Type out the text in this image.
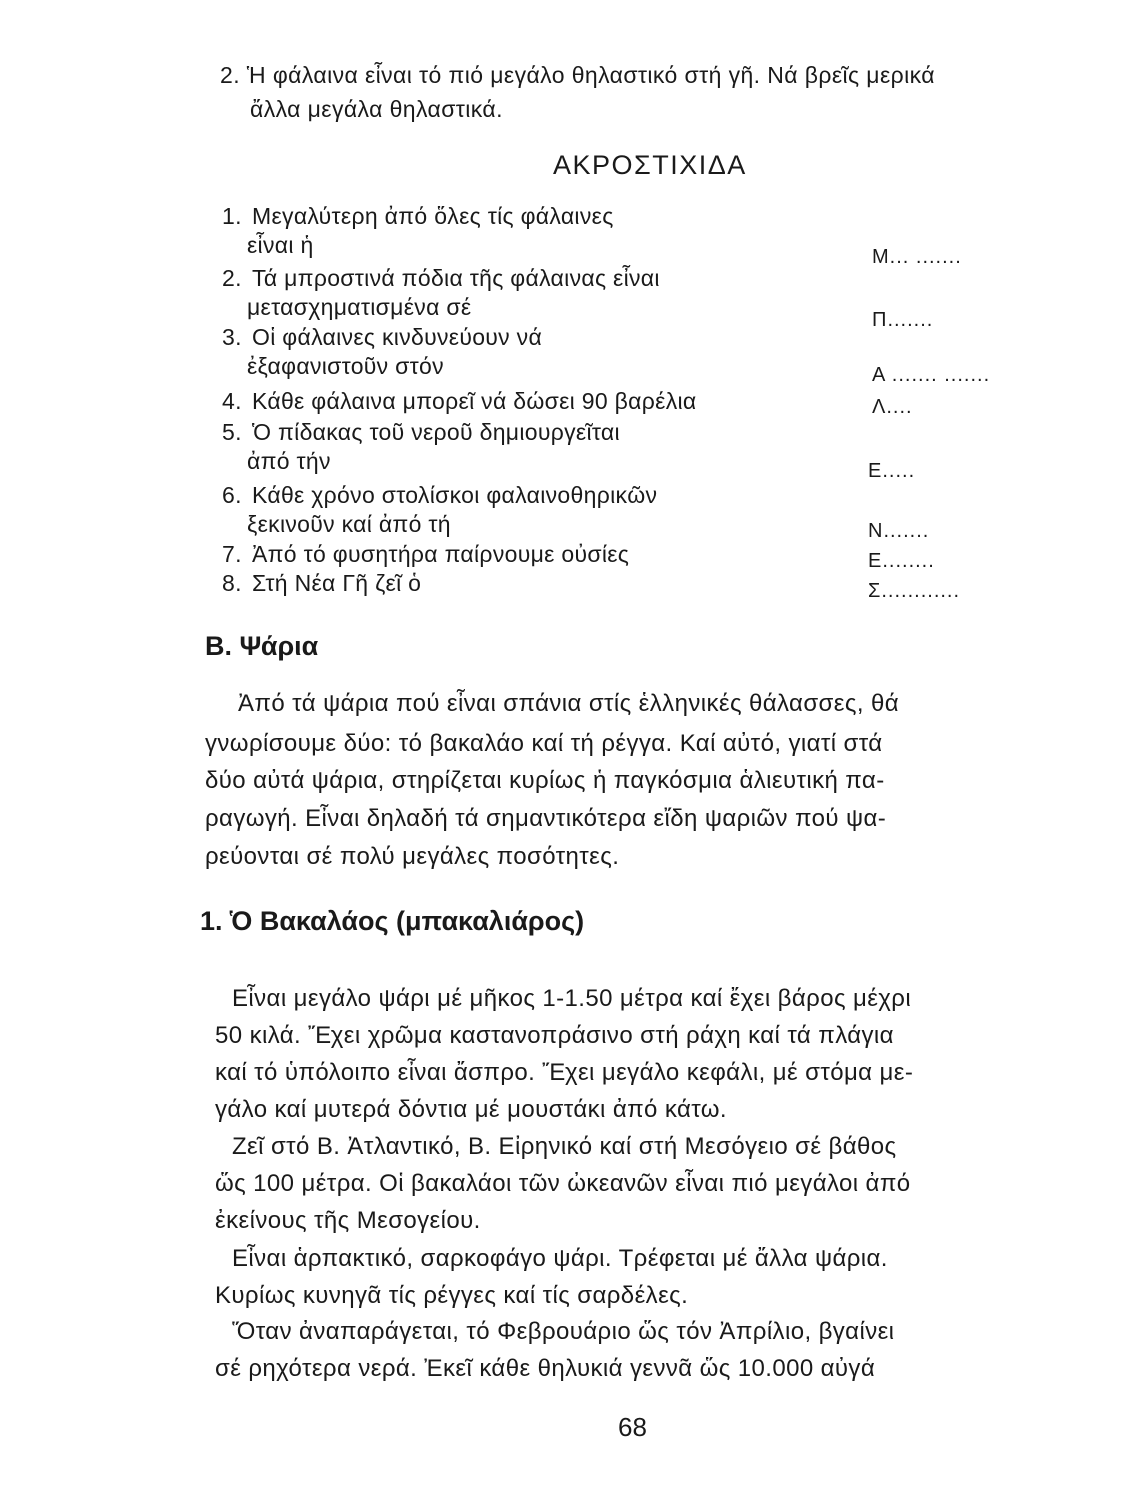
2. Ἡ φάλαινα εἶναι τό πιό μεγάλο θηλαστικό στή γῆ. Νά βρεῖς μερικά
ἄλλα μεγάλα θηλαστικά.
ΑΚΡΟΣΤΙΧΙΔΑ
1. Μεγαλύτερη ἀπό ὅλες τίς φάλαινες
εἶναι ἡ
2. Τά μπροστινά πόδια τῆς φάλαινας εἶναι
μετασχηματισμένα σέ
3. Οἱ φάλαινες κινδυνεύουν νά
ἐξαφανιστοῦν στόν
4. Κάθε φάλαινα μπορεῖ νά δώσει 90 βαρέλια
5. Ὁ πίδακας τοῦ νεροῦ δημιουργεῖται
ἀπό τήν
6. Κάθε χρόνο στολίσκοι φαλαινοθηρικῶν
ξεκινοῦν καί ἀπό τή
7. Ἀπό τό φυσητήρα παίρνουμε οὐσίες
8. Στή Νέα Γῆ ζεῖ ὁ
Μ... .......
Π.......
Α ....... .......
Λ....
Ε.....
Ν.......
Ε........
Σ............
Β. Ψάρια
Ἀπό τά ψάρια πού εἶναι σπάνια στίς ἑλληνικές θάλασσες, θά
γνωρίσουμε δύο: τό βακαλάο καί τή ρέγγα. Καί αὐτό, γιατί στά
δύο αὐτά ψάρια, στηρίζεται κυρίως ἡ παγκόσμια ἁλιευτική πα-
ραγωγή. Εἶναι δηλαδή τά σημαντικότερα εἴδη ψαριῶν πού ψα-
ρεύονται σέ πολύ μεγάλες ποσότητες.
1. Ὁ Βακαλάος (μπακαλιάρος)
Εἶναι μεγάλο ψάρι μέ μῆκος 1-1.50 μέτρα καί ἔχει βάρος μέχρι
50 κιλά. Ἔχει χρῶμα καστανοπράσινο στή ράχη καί τά πλάγια
καί τό ὑπόλοιπο εἶναι ἄσπρο. Ἔχει μεγάλο κεφάλι, μέ στόμα με-
γάλο καί μυτερά δόντια μέ μουστάκι ἀπό κάτω.
Ζεῖ στό Β. Ἀτλαντικό, Β. Εἰρηνικό καί στή Μεσόγειο σέ βάθος
ὥς 100 μέτρα. Οἱ βακαλάοι τῶν ὠκεανῶν εἶναι πιό μεγάλοι ἀπό
ἐκείνους τῆς Μεσογείου.
Εἶναι ἁρπακτικό, σαρκοφάγο ψάρι. Τρέφεται μέ ἄλλα ψάρια.
Κυρίως κυνηγᾶ τίς ρέγγες καί τίς σαρδέλες.
Ὅταν ἀναπαράγεται, τό Φεβρουάριο ὥς τόν Ἀπρίλιο, βγαίνει
σέ ρηχότερα νερά. Ἐκεῖ κάθε θηλυκιά γεννᾶ ὥς 10.000 αὐγά
68
